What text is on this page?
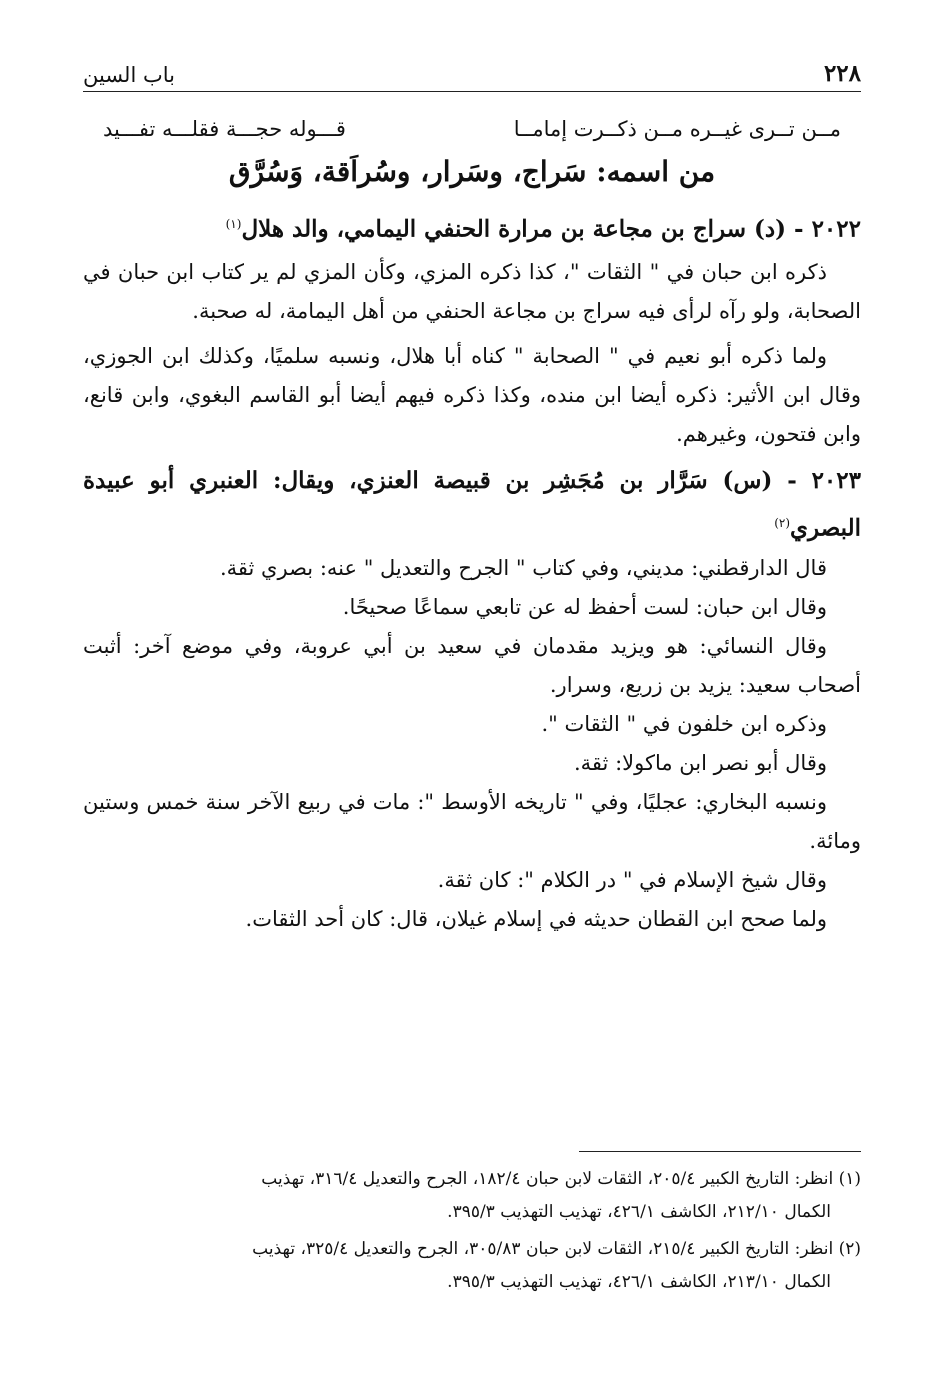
٢٢٨
باب السين
مــن تــرى غيــره مــن ذكــرت إمامــا
قـــوله حجـــة فقلـــه تفـــيد
من اسمه: سَراج، وسَرار، وسُراَقة، وَسُرَّق
٢٠٢٢ - (د) سراج بن مجاعة بن مرارة الحنفي اليمامي، والد هلال$^{(١)}$

ذكره ابن حبان في " الثقات "، كذا ذكره المزي، وكأن المزي لم ير كتاب ابن حبان في الصحابة، ولو رآه لرأى فيه سراج بن مجاعة الحنفي من أهل اليمامة، له صحبة.

ولما ذكره أبو نعيم في " الصحابة " كناه أبا هلال، ونسبه سلميًا، وكذلك ابن الجوزي، وقال ابن الأثير: ذكره أيضا ابن منده، وكذا ذكره فيهم أيضا أبو القاسم البغوي، وابن قانع، وابن فتحون، وغيرهم.

٢٠٢٣ - (س) سَرَّار بن مُجَشِر بن قبيصة العنزي، ويقال: العنبري أبو عبيدة البصري$^{(٢)}$

قال الدارقطني: مديني، وفي كتاب " الجرح والتعديل " عنه: بصري ثقة.

وقال ابن حبان: لست أحفظ له عن تابعي سماعًا صحيحًا.

وقال النسائي: هو ويزيد مقدمان في سعيد بن أبي عروبة، وفي موضع آخر: أثبت أصحاب سعيد: يزيد بن زريع، وسرار.

وذكره ابن خلفون في " الثقات ".

وقال أبو نصر ابن ماكولا: ثقة.

ونسبه البخاري: عجليًا، وفي " تاريخه الأوسط ": مات في ربيع الآخر سنة خمس وستين ومائة.

وقال شيخ الإسلام في " در الكلام ": كان ثقة.

ولما صحح ابن القطان حديثه في إسلام غيلان، قال: كان أحد الثقات.

(١) انظر: التاريخ الكبير ٢٠٥/٤، الثقات لابن حبان ١٨٢/٤، الجرح والتعديل ٣١٦/٤، تهذيب
الكمال ٢١٢/١٠، الكاشف ٤٢٦/١، تهذيب التهذيب ٣٩٥/٣.
(٢) انظر: التاريخ الكبير ٢١٥/٤، الثقات لابن حبان ٣٠٥/٨٣، الجرح والتعديل ٣٢٥/٤، تهذيب
الكمال ٢١٣/١٠، الكاشف ٤٢٦/١، تهذيب التهذيب ٣٩٥/٣.
